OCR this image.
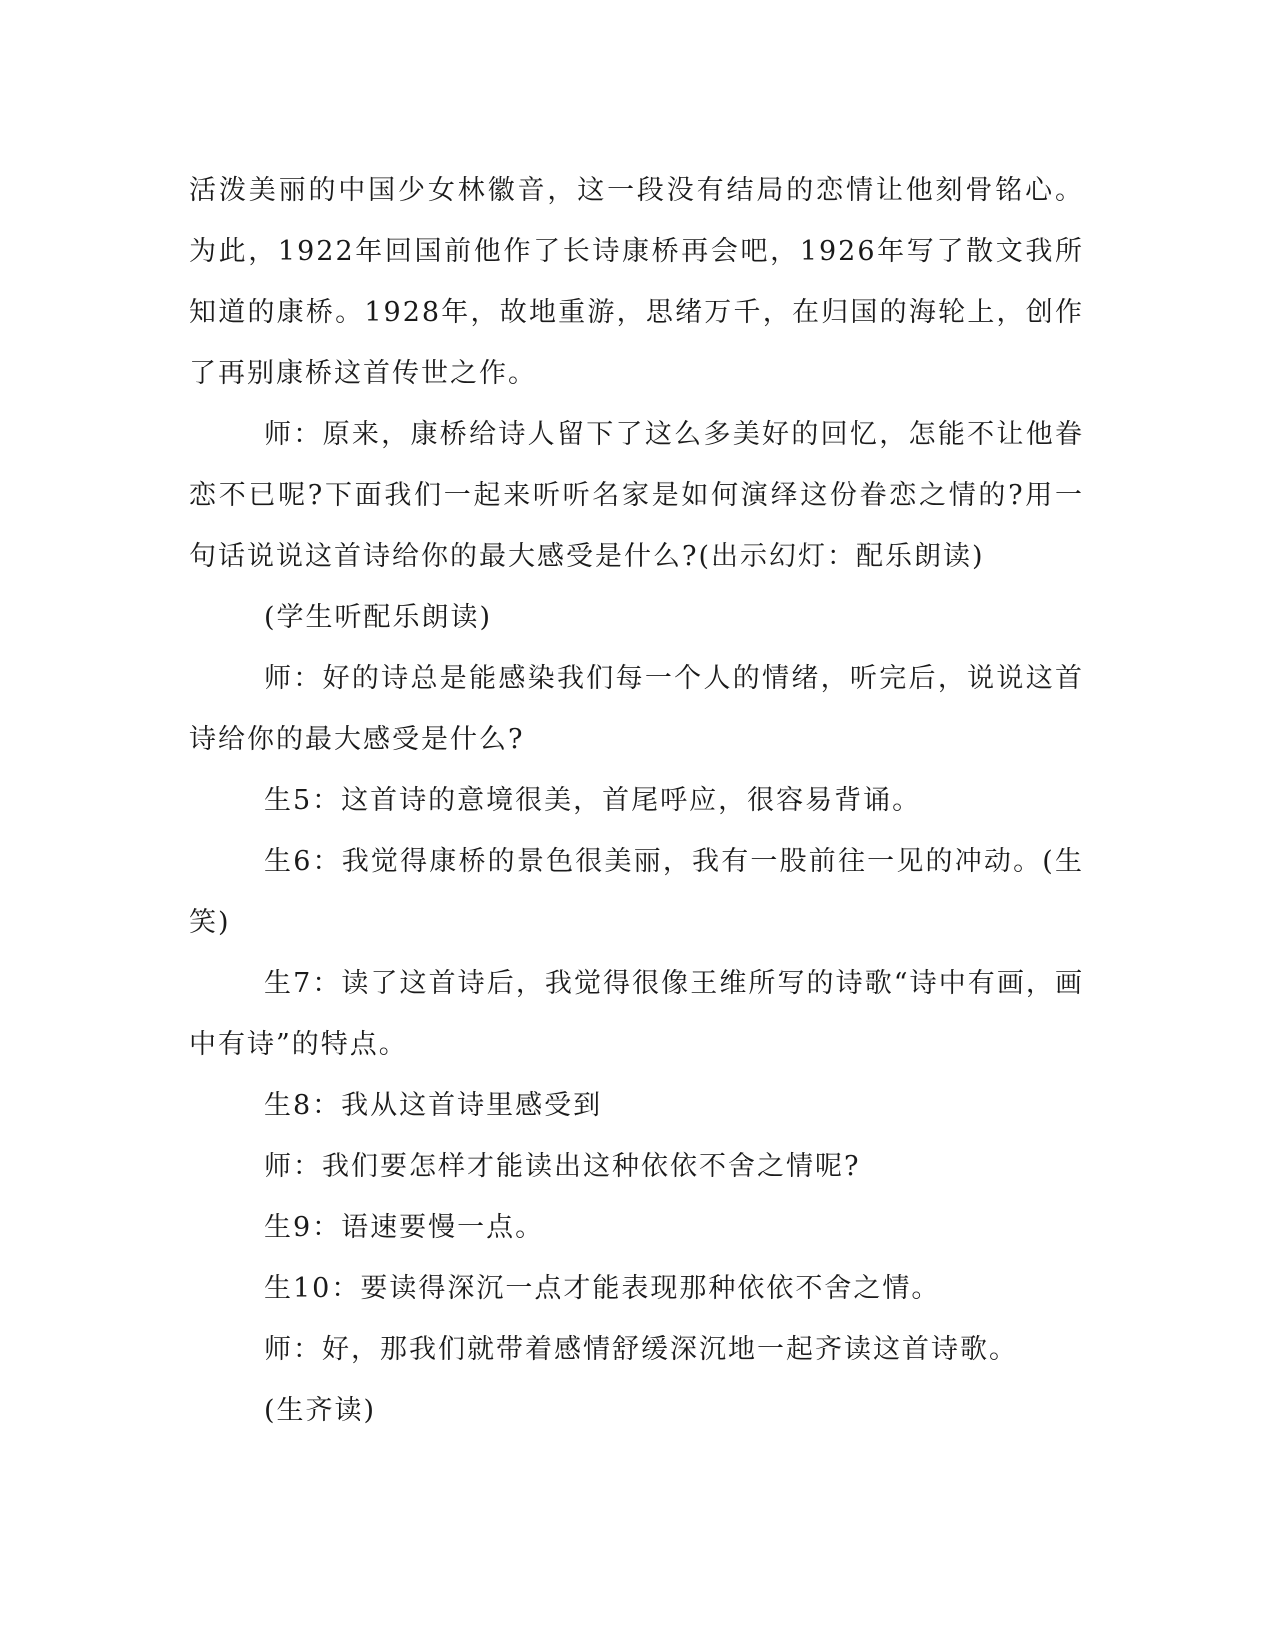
活泼美丽的中国少女林徽音，这一段没有结局的恋情让他刻骨铭心。为此，1922年回国前他作了长诗康桥再会吧，1926年写了散文我所知道的康桥。1928年，故地重游，思绪万千，在归国的海轮上，创作了再别康桥这首传世之作。

师：原来，康桥给诗人留下了这么多美好的回忆，怎能不让他眷恋不已呢?下面我们一起来听听名家是如何演绎这份眷恋之情的?用一句话说说这首诗给你的最大感受是什么?(出示幻灯：配乐朗读)

(学生听配乐朗读)

师：好的诗总是能感染我们每一个人的情绪，听完后，说说这首诗给你的最大感受是什么?

生5：这首诗的意境很美，首尾呼应，很容易背诵。

生6：我觉得康桥的景色很美丽，我有一股前往一见的冲动。(生笑)

生7：读了这首诗后，我觉得很像王维所写的诗歌“诗中有画，画中有诗”的特点。

生8：我从这首诗里感受到

师：我们要怎样才能读出这种依依不舍之情呢?

生9：语速要慢一点。

生10：要读得深沉一点才能表现那种依依不舍之情。

师：好，那我们就带着感情舒缓深沉地一起齐读这首诗歌。

(生齐读)
